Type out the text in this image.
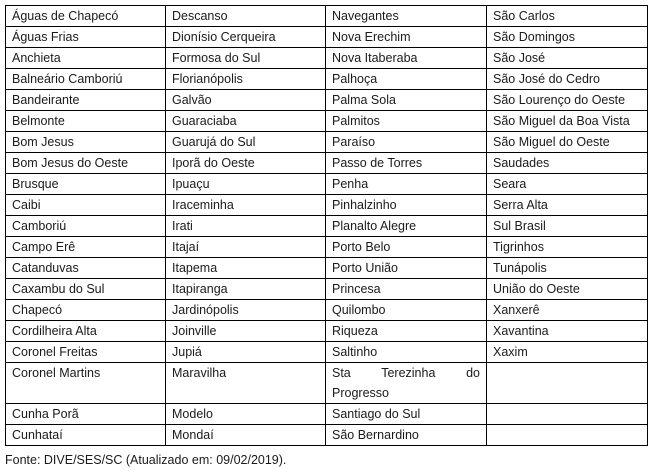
Águas de Chapecó	Descanso	Navegantes	São Carlos
Águas Frias	Dionísio Cerqueira	Nova Erechim	São Domingos
Anchieta	Formosa do Sul	Nova Itaberaba	São José
Balneário Camboriú	Florianópolis	Palhoça	São José do Cedro
Bandeirante	Galvão	Palma Sola	São Lourenço do Oeste
Belmonte	Guaraciaba	Palmitos	São Miguel da Boa Vista
Bom Jesus	Guarujá do Sul	Paraíso	São Miguel do Oeste
Bom Jesus do Oeste	Iporã do Oeste	Passo de Torres	Saudades
Brusque	Ipuaçu	Penha	Seara
Caibi	Iraceminha	Pinhalzinho	Serra Alta
Camboriú	Irati	Planalto Alegre	Sul Brasil
Campo Erê	Itajaí	Porto Belo	Tigrinhos
Catanduvas	Itapema	Porto União	Tunápolis
Caxambu do Sul	Itapiranga	Princesa	União do Oeste
Chapecó	Jardinópolis	Quilombo	Xanxerê
Cordilheira Alta	Joinville	Riqueza	Xavantina
Coronel Freitas	Jupiá	Saltinho	Xaxim
Coronel Martins	Maravilha	Sta Terezinha do Progresso	
Cunha Porã	Modelo	Santiago do Sul	
Cunhataí	Mondaí	São Bernardino	
Fonte: DIVE/SES/SC (Atualizado em: 09/02/2019).
